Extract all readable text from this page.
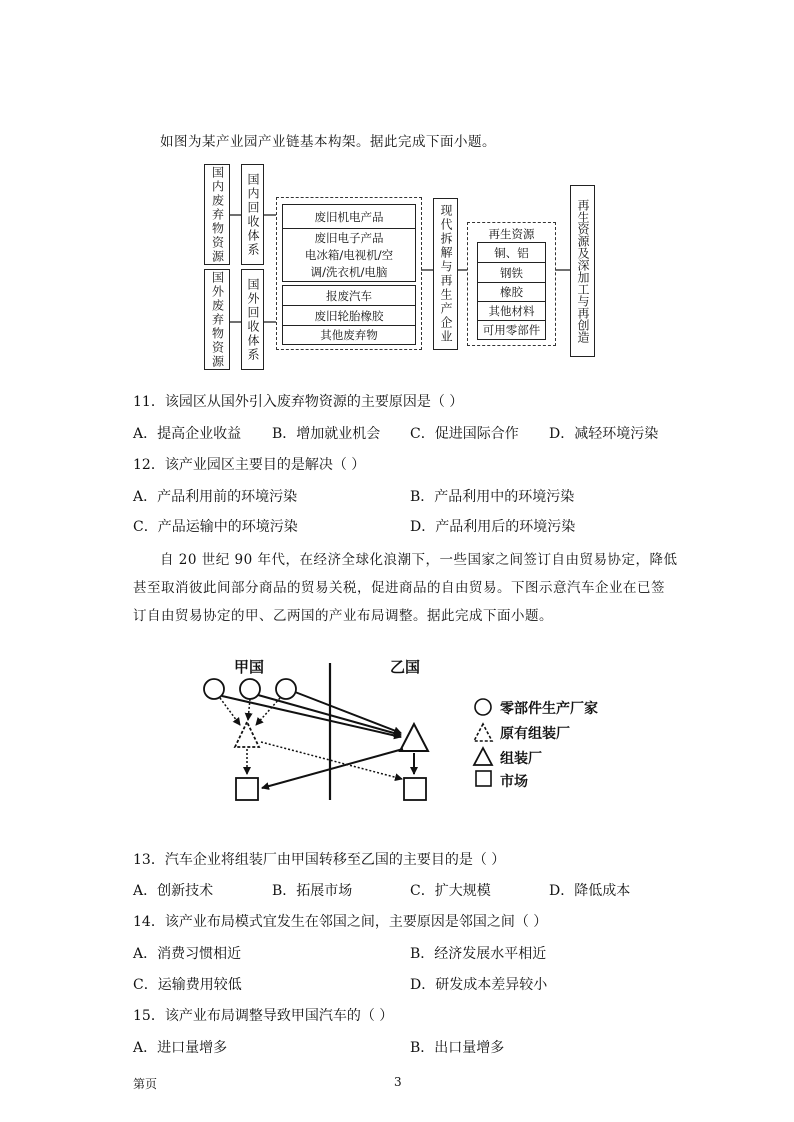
如图为某产业园产业链基本构架。据此完成下面小题。
国内废弃物资源
国外废弃物资源
国内回收体系
国外回收体系
废旧机电产品
废旧电子产品
电冰箱/电视机/空
调/洗衣机/电脑
报废汽车
废旧轮胎橡胶
其他废弃物	现代拆解与再生产企业	再生资源
铜、铝
钢铁
橡胶
其他材料
可用零部件	再生资源及深加工与再创造
11．该园区从国外引入废弃物资源的主要原因是（ ）
A．提高企业收益 B．增加就业机会 C．促进国际合作 D．减轻环境污染
12．该产业园区主要目的是解决（ ）
A．产品利用前的环境污染	B．产品利用中的环境污染
C．产品运输中的环境污染	D．产品利用后的环境污染
自 20 世纪 90 年代，在经济全球化浪潮下，一些国家之间签订自由贸易协定，降低
甚至取消彼此间部分商品的贸易关税，促进商品的自由贸易。下图示意汽车企业在已签
订自由贸易协定的甲、乙两国的产业布局调整。据此完成下面小题。
甲国	乙国
零部件生产厂家
原有组装厂
组装厂
市场
13．汽车企业将组装厂由甲国转移至乙国的主要目的是（ ）
A．创新技术	B．拓展市场	C．扩大规模	D．降低成本
14．该产业布局模式宜发生在邻国之间，主要原因是邻国之间（ ）
A．消费习惯相近	B．经济发展水平相近
C．运输费用较低	D．研发成本差异较小
15．该产业布局调整导致甲国汽车的（ ）
A．进口量增多	B．出口量增多
第页	3
